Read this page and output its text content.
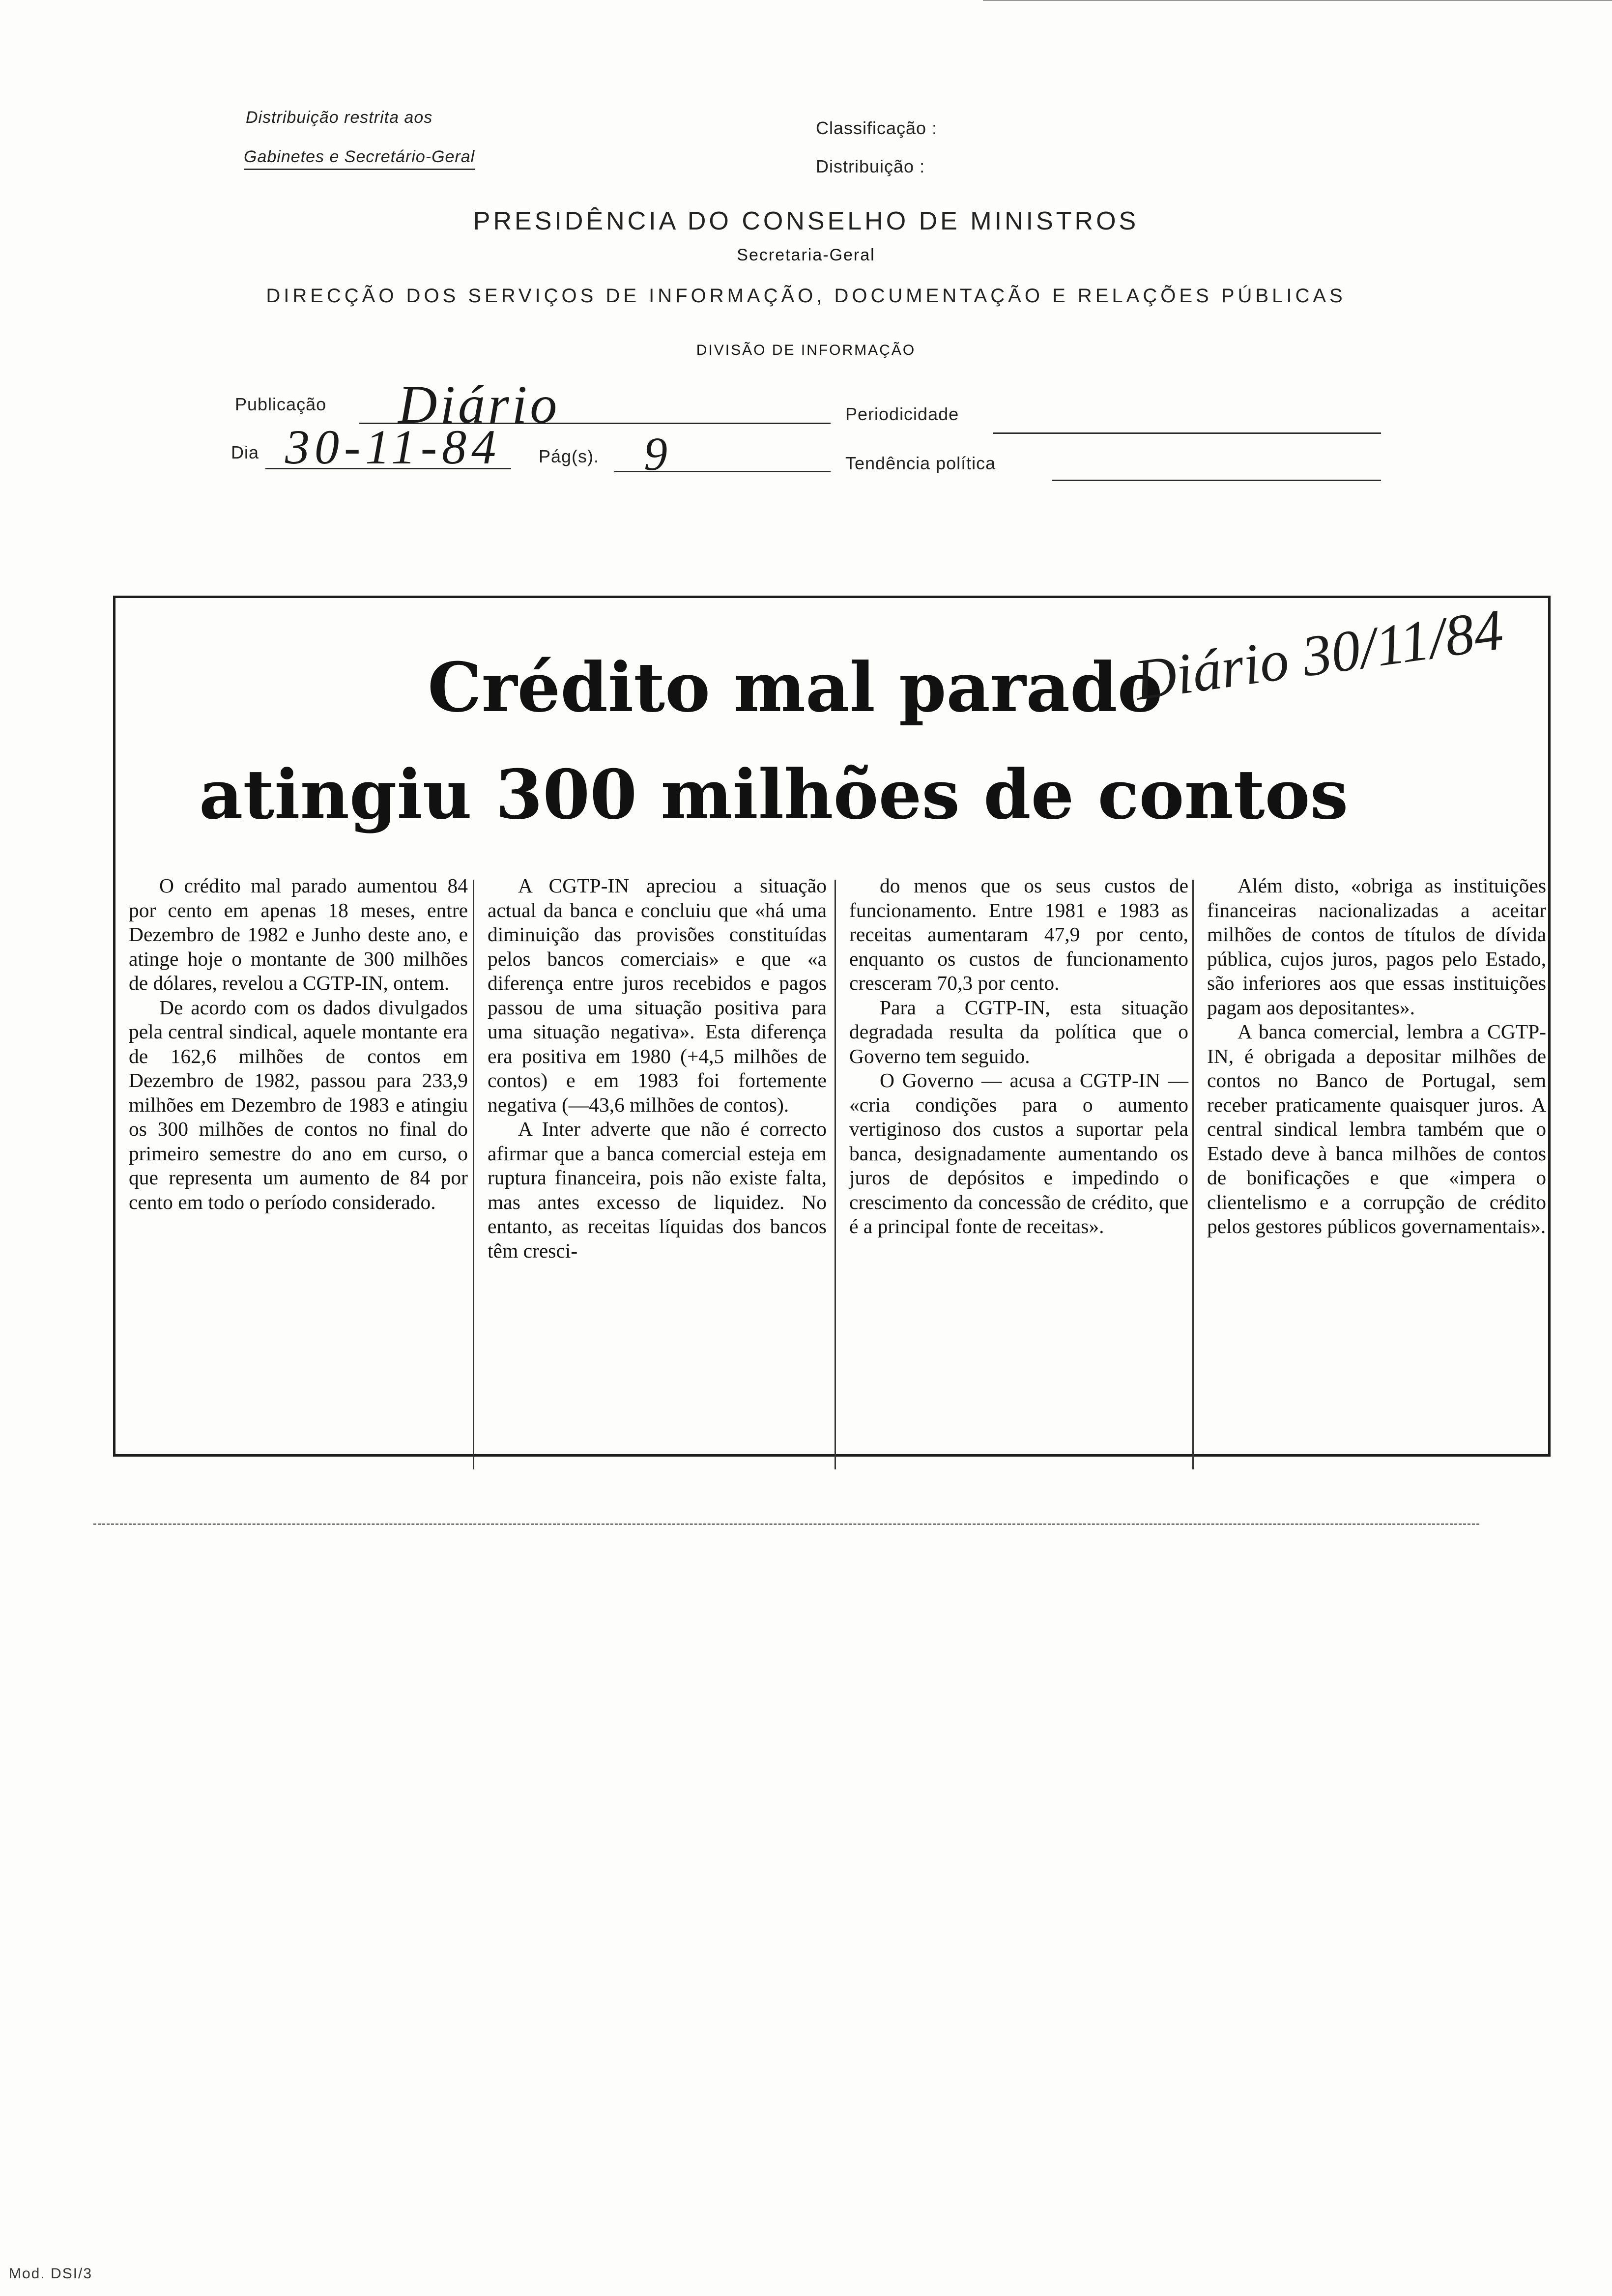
Distribuição restrita aos
Gabinetes e Secretário-Geral
Classificação :
Distribuição :
PRESIDÊNCIA DO CONSELHO DE MINISTROS
Secretaria-Geral
DIRECÇÃO DOS SERVIÇOS DE INFORMAÇÃO, DOCUMENTAÇÃO E RELAÇÕES PÚBLICAS
DIVISÃO DE INFORMAÇÃO
Publicação Diário	Periodicidade
Dia 30-11-84 Pág(s). 9	Tendência política
Crédito mal parado
atingiu 300 milhões de contos
Diário 30/11/84

O crédito mal parado aumentou 84 por cento em apenas 18 meses, entre Dezembro de 1982 e Junho deste ano, e atinge hoje o montante de 300 milhões de dólares, revelou a CGTP-IN, ontem.

De acordo com os dados divulgados pela central sindical, aquele montante era de 162,6 milhões de contos em Dezembro de 1982, passou para 233,9 milhões em Dezembro de 1983 e atingiu os 300 milhões de contos no final do primeiro semestre do ano em curso, o que representa um aumento de 84 por cento em todo o período considerado.

A CGTP-IN apreciou a situação actual da banca e concluiu que «há uma diminuição das provisões constituídas pelos bancos comerciais» e que «a diferença entre juros recebidos e pagos passou de uma situação positiva para uma situação negativa». Esta diferença era positiva em 1980 (+4,5 milhões de contos) e em 1983 foi fortemente negativa (—43,6 milhões de contos).

A Inter adverte que não é correcto afirmar que a banca comercial esteja em ruptura financeira, pois não existe falta, mas antes excesso de liquidez. No entanto, as receitas líquidas dos bancos têm cresci-

do menos que os seus custos de funcionamento. Entre 1981 e 1983 as receitas aumentaram 47,9 por cento, enquanto os custos de funcionamento cresceram 70,3 por cento.

Para a CGTP-IN, esta situação degradada resulta da política que o Governo tem seguido.

O Governo — acusa a CGTP-IN — «cria condições para o aumento vertiginoso dos custos a suportar pela banca, designadamente aumentando os juros de depósitos e impedindo o crescimento da concessão de crédito, que é a principal fonte de receitas».

Além disto, «obriga as instituições financeiras nacionalizadas a aceitar milhões de contos de títulos de dívida pública, cujos juros, pagos pelo Estado, são inferiores aos que essas instituições pagam aos depositantes».

A banca comercial, lembra a CGTP-IN, é obrigada a depositar milhões de contos no Banco de Portugal, sem receber praticamente quaisquer juros. A central sindical lembra também que o Estado deve à banca milhões de contos de bonificações e que «impera o clientelismo e a corrupção de crédito pelos gestores públicos governamentais».

Mod. DSI/3
